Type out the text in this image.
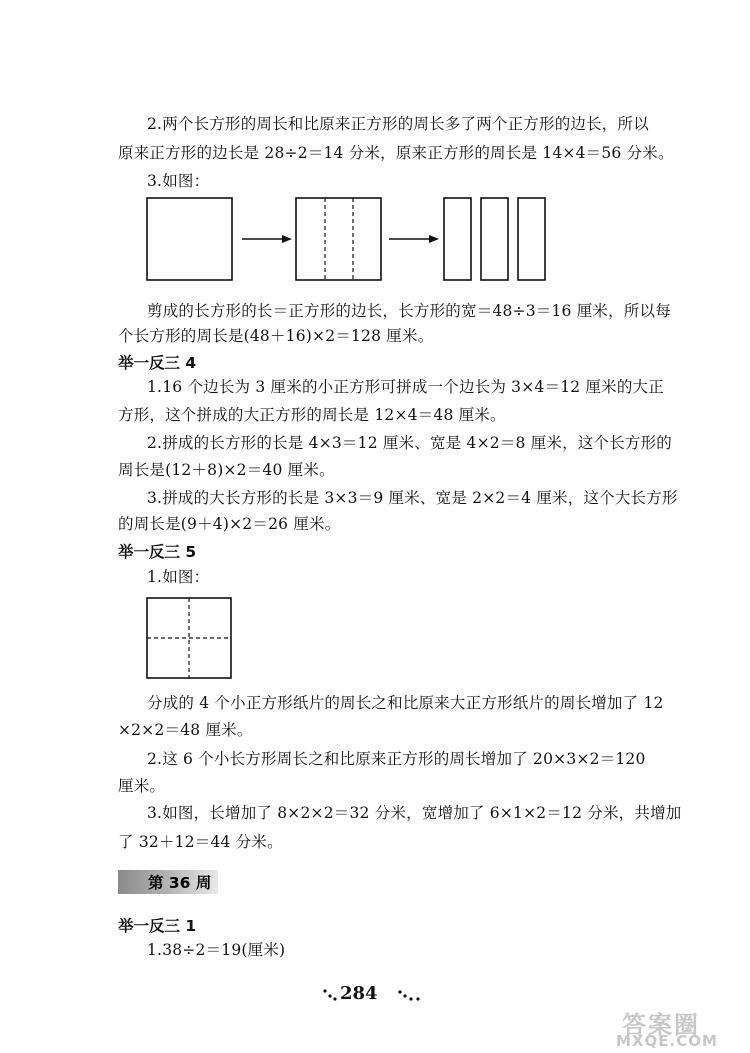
2.两个长方形的周长和比原来正方形的周长多了两个正方形的边长，所以
原来正方形的边长是 28÷2＝14 分米，原来正方形的周长是 14×4＝56 分米。
3.如图：
剪成的长方形的长＝正方形的边长，长方形的宽＝48÷3＝16 厘米，所以每
个长方形的周长是(48＋16)×2＝128 厘米。
举一反三 4
1.16 个边长为 3 厘米的小正方形可拼成一个边长为 3×4＝12 厘米的大正
方形，这个拼成的大正方形的周长是 12×4＝48 厘米。
2.拼成的长方形的长是 4×3＝12 厘米、宽是 4×2＝8 厘米，这个长方形的
周长是(12＋8)×2＝40 厘米。
3.拼成的大长方形的长是 3×3＝9 厘米、宽是 2×2＝4 厘米，这个大长方形
的周长是(9＋4)×2＝26 厘米。
举一反三 5
1.如图：
分成的 4 个小正方形纸片的周长之和比原来大正方形纸片的周长增加了 12
×2×2＝48 厘米。
2.这 6 个小长方形周长之和比原来正方形的周长增加了 20×3×2＝120
厘米。
3.如图，长增加了 8×2×2＝32 分米，宽增加了 6×1×2＝12 分米，共增加
了 32＋12＝44 分米。
第 36 周
举一反三 1
1.38÷2＝19(厘米)
284
答案圈
MXQE.COM
